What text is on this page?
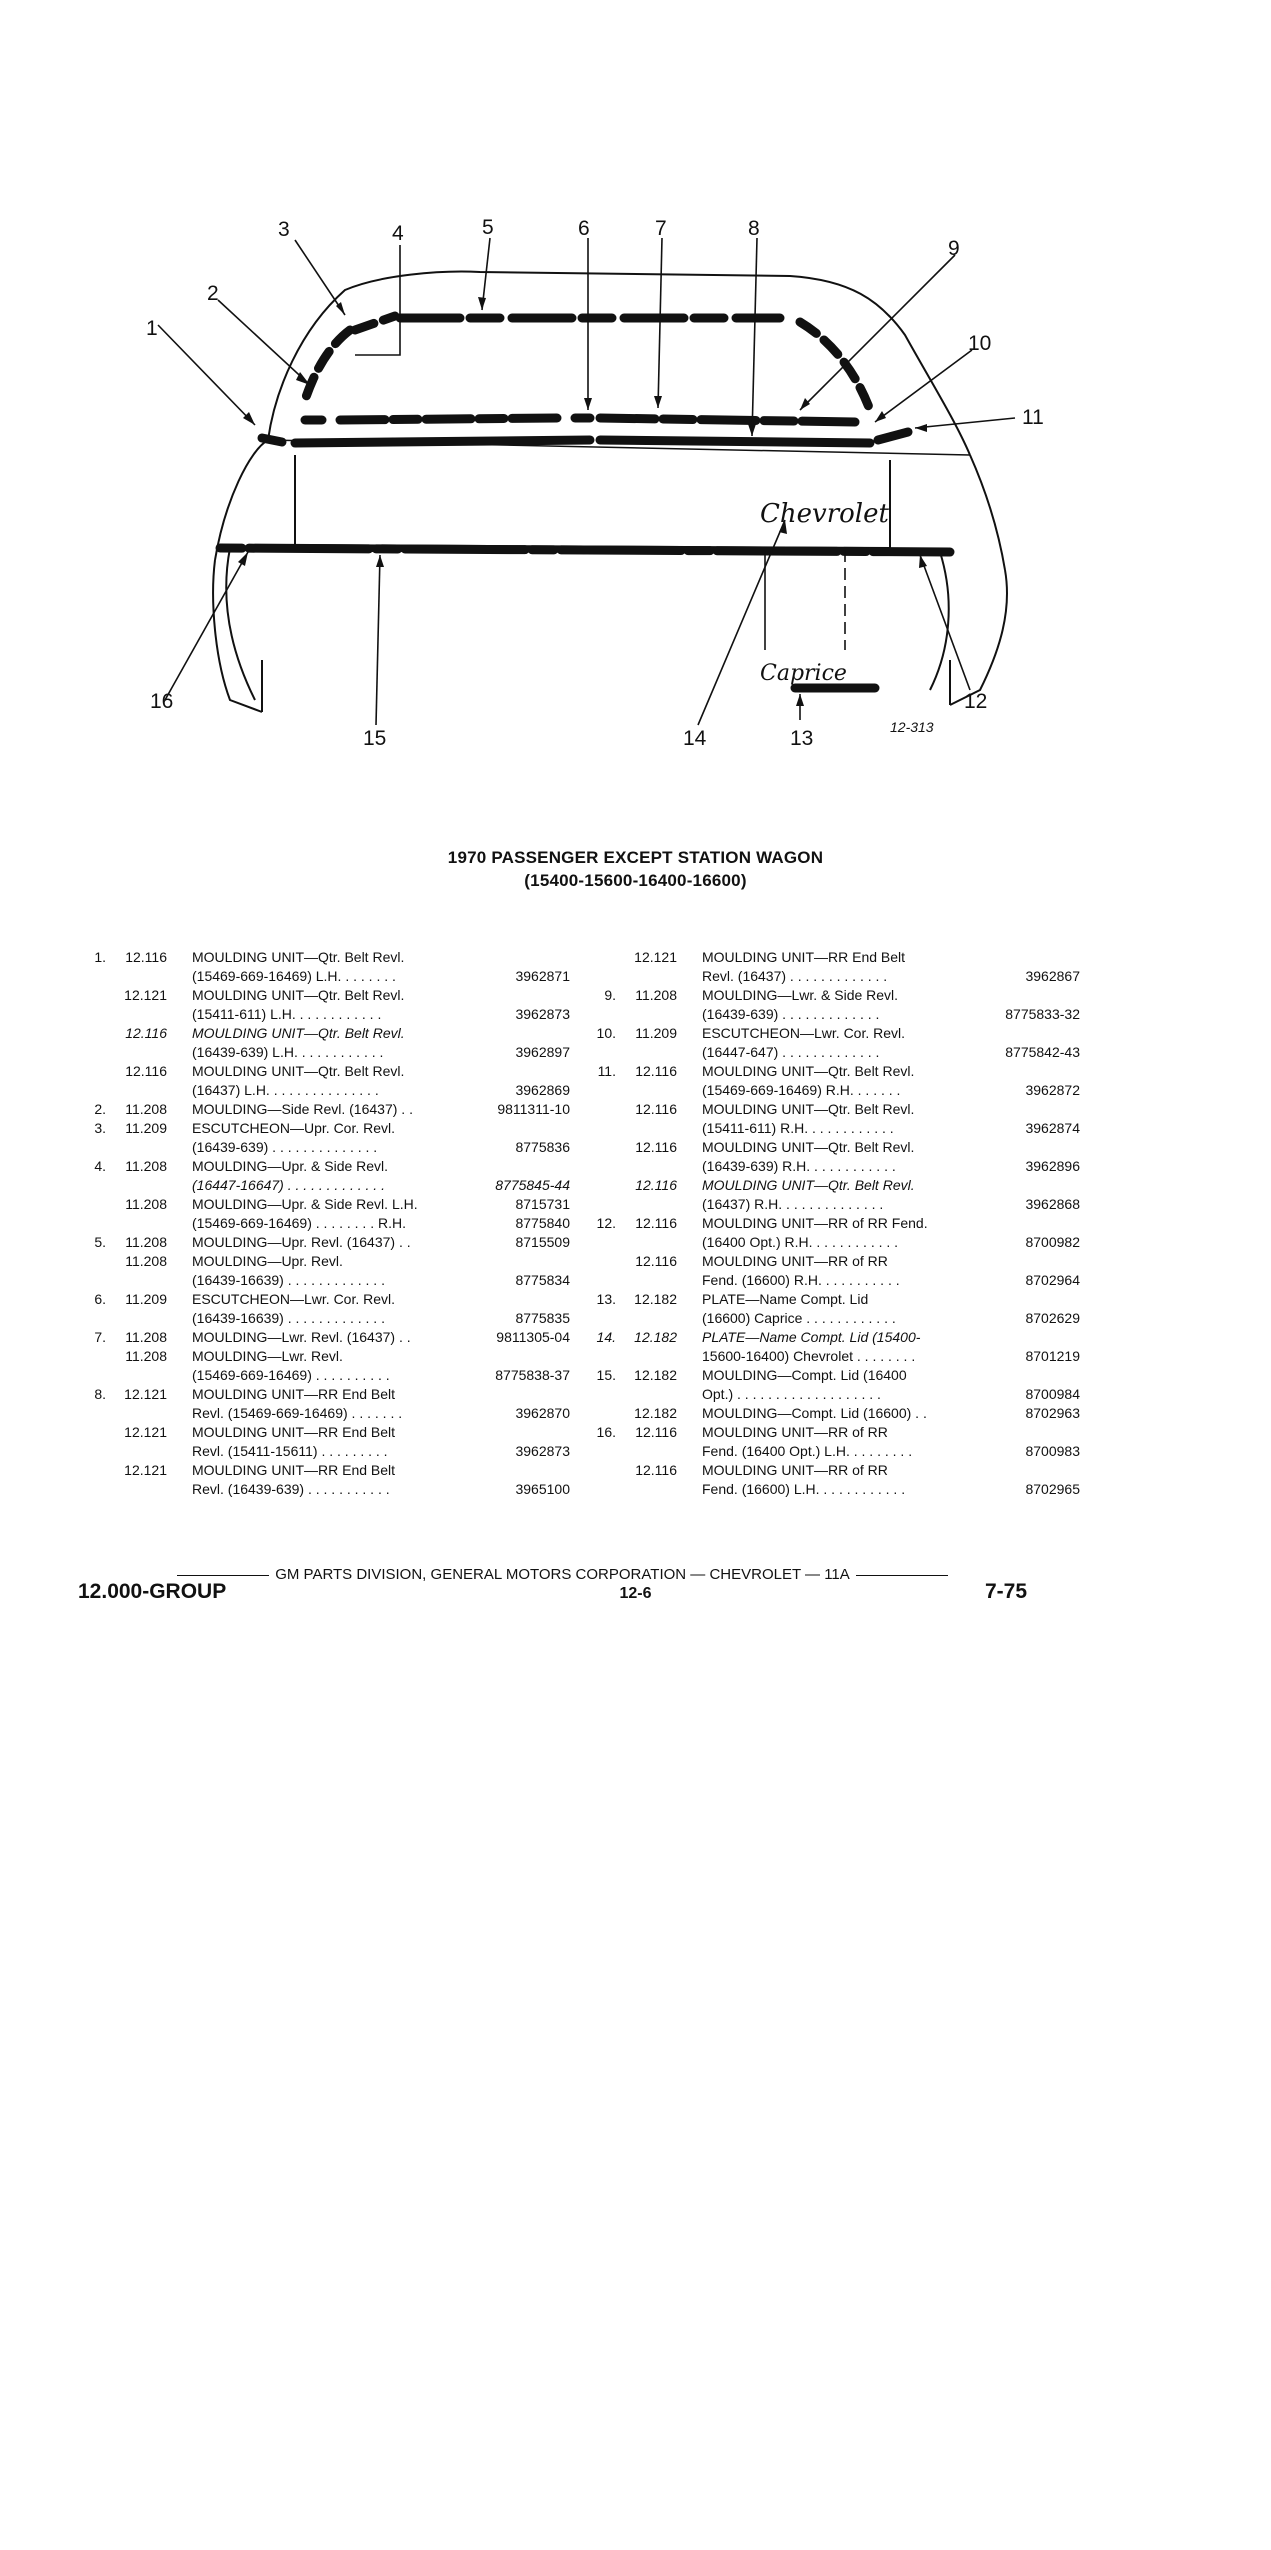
Chevrolet
Caprice
1
2
3	4	5	6	7	8
9
10
11
12
13
14
15
16
12-313
1970 PASSENGER EXCEPT STATION WAGON
(15400-15600-16400-16600)
1.	12.116 MOULDING UNIT—Qtr. Belt Revl.
(15469-669-16469) L.H. . . . . . . .	3962871
12.121 MOULDING UNIT—Qtr. Belt Revl.
(15411-611) L.H. . . . . . . . . . . .	3962873
12.116 MOULDING UNIT—Qtr. Belt Revl.
(16439-639) L.H. . . . . . . . . . . .	3962897
12.116 MOULDING UNIT—Qtr. Belt Revl.
(16437) L.H. . . . . . . . . . . . . . .	3962869
2.	11.208 MOULDING—Side Revl. (16437) . .	9811311-10
3.	11.209 ESCUTCHEON—Upr. Cor. Revl.
(16439-639) . . . . . . . . . . . . . .	8775836
4.	11.208 MOULDING—Upr. & Side Revl.
(16447-16647) . . . . . . . . . . . . .	8775845-44
11.208 MOULDING—Upr. & Side Revl. L.H.	8715731
(15469-669-16469) . . . . . . . . R.H.	8775840
5.	11.208 MOULDING—Upr. Revl. (16437) . .	8715509
11.208 MOULDING—Upr. Revl.
(16439-16639) . . . . . . . . . . . . .	8775834
6.	11.209 ESCUTCHEON—Lwr. Cor. Revl.
(16439-16639) . . . . . . . . . . . . .	8775835
7.	11.208 MOULDING—Lwr. Revl. (16437) . .	9811305-04
11.208 MOULDING—Lwr. Revl.
(15469-669-16469) . . . . . . . . . .	8775838-37
8.	12.121 MOULDING UNIT—RR End Belt
Revl. (15469-669-16469) . . . . . . .	3962870
12.121 MOULDING UNIT—RR End Belt
Revl. (15411-15611) . . . . . . . . .	3962873
12.121 MOULDING UNIT—RR End Belt
Revl. (16439-639) . . . . . . . . . . .	3965100
12.121 MOULDING UNIT—RR End Belt
Revl. (16437) . . . . . . . . . . . . .	3962867
9.	11.208 MOULDING—Lwr. & Side Revl.
(16439-639) . . . . . . . . . . . . .	8775833-32
10.	11.209 ESCUTCHEON—Lwr. Cor. Revl.
(16447-647) . . . . . . . . . . . . .	8775842-43
11.	12.116 MOULDING UNIT—Qtr. Belt Revl.
(15469-669-16469) R.H. . . . . . .	3962872
12.116 MOULDING UNIT—Qtr. Belt Revl.
(15411-611) R.H. . . . . . . . . . . .	3962874
12.116 MOULDING UNIT—Qtr. Belt Revl.
(16439-639) R.H. . . . . . . . . . . .	3962896
12.116 MOULDING UNIT—Qtr. Belt Revl.
(16437) R.H. . . . . . . . . . . . . .	3962868
12.	12.116 MOULDING UNIT—RR of RR Fend.
(16400 Opt.) R.H. . . . . . . . . . . .	8700982
12.116 MOULDING UNIT—RR of RR
Fend. (16600) R.H. . . . . . . . . . .	8702964
13.	12.182 PLATE—Name Compt. Lid
(16600) Caprice . . . . . . . . . . . .	8702629
14.	12.182 PLATE—Name Compt. Lid (15400-
15600-16400) Chevrolet . . . . . . . .	8701219
15.	12.182 MOULDING—Compt. Lid (16400
Opt.) . . . . . . . . . . . . . . . . . . .	8700984
12.182 MOULDING—Compt. Lid (16600) . .	8702963
16.	12.116 MOULDING UNIT—RR of RR
Fend. (16400 Opt.) L.H. . . . . . . . .	8700983
12.116 MOULDING UNIT—RR of RR
Fend. (16600) L.H. . . . . . . . . . . .	8702965
GM PARTS DIVISION, GENERAL MOTORS CORPORATION — CHEVROLET — 11A
12.000-GROUP	12-6	7-75
